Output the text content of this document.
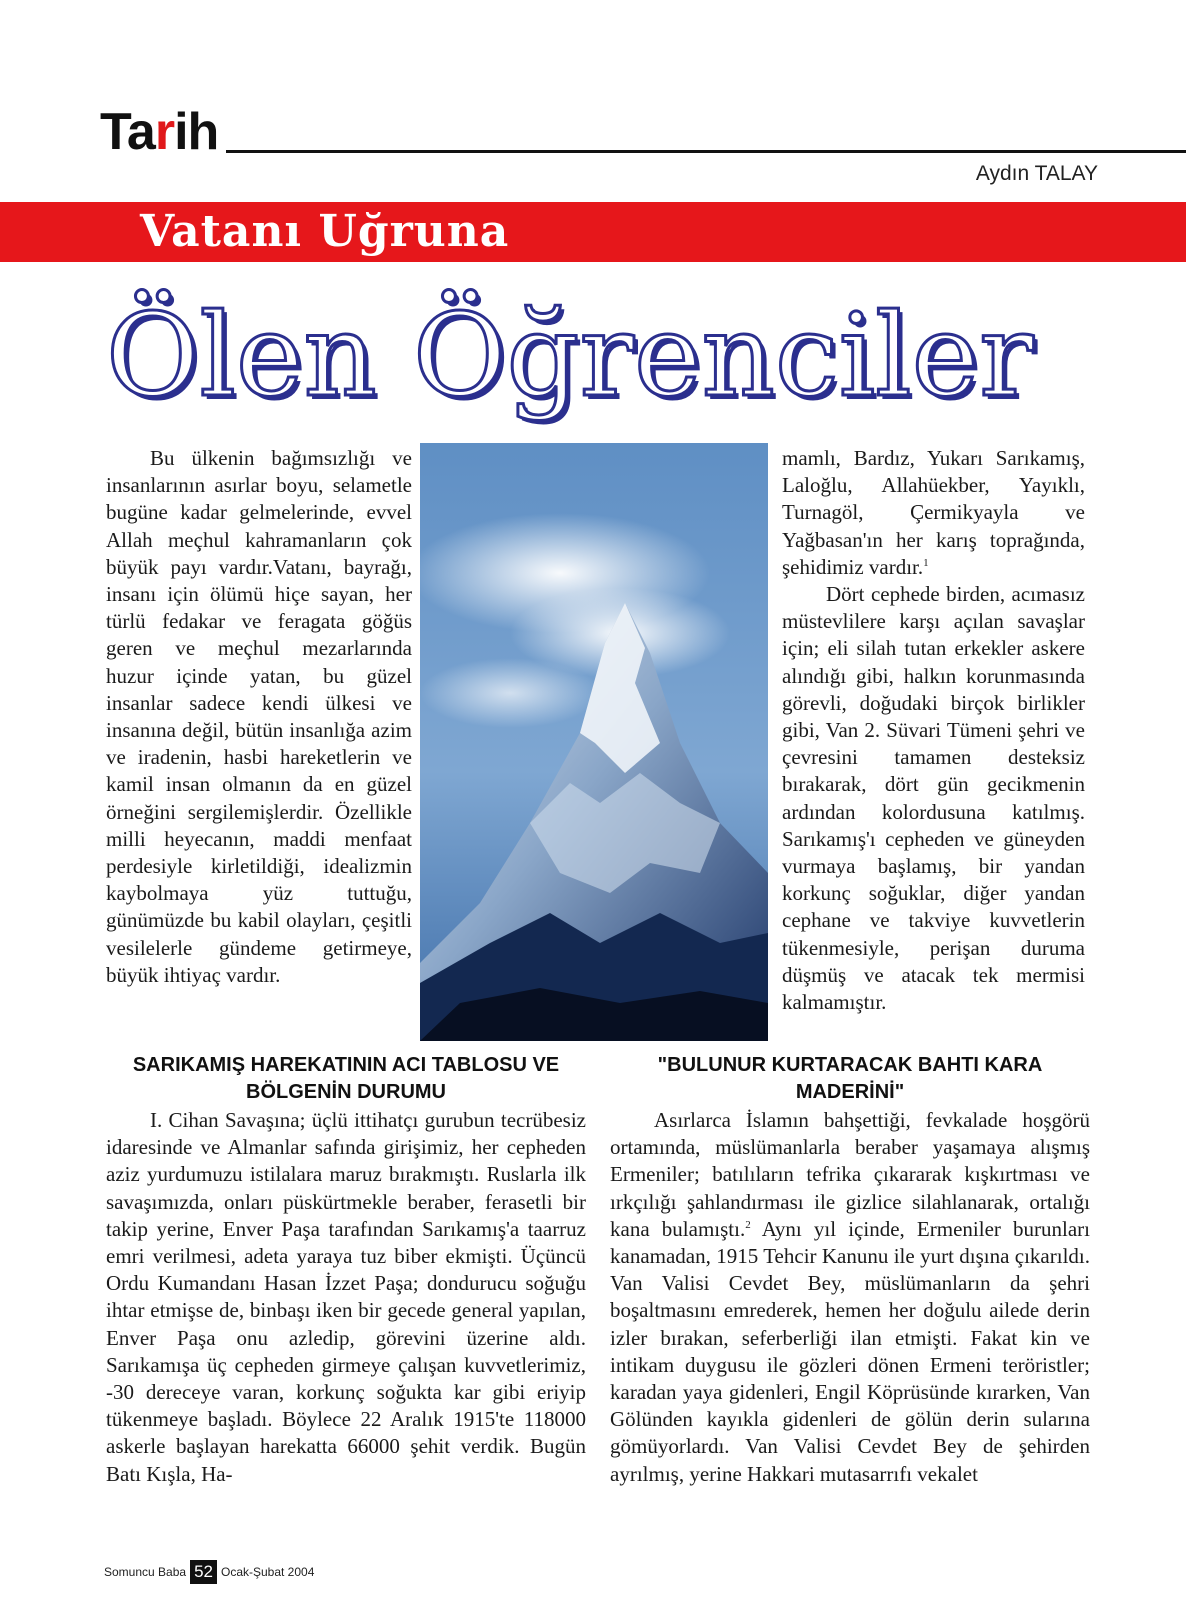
Tarih
Aydın TALAY
Vatanı Uğruna
Ölen Öğrenciler

Bu ülkenin bağımsızlığı ve insanlarının asırlar boyu, selametle bugüne kadar gelmelerinde, evvel Allah meçhul kahramanların çok büyük payı vardır.Vatanı, bayrağı, insanı için ölümü hiçe sayan, her türlü fedakar ve feragata göğüs geren ve meçhul mezarlarında huzur içinde yatan, bu güzel insanlar sadece kendi ülkesi ve insanına değil, bütün insanlığa azim ve iradenin, hasbi hareketlerin ve kamil insan olmanın da en güzel örneğini sergilemişlerdir. Özellikle milli heyecanın, maddi menfaat perdesiyle kirletildiği, idealizmin kaybolmaya yüz tuttuğu, günümüzde bu kabil olayları, çeşitli vesilelerle gündeme getirmeye, büyük ihtiyaç vardır.

mamlı, Bardız, Yukarı Sarıkamış, Laloğlu, Allahüekber, Yayıklı, Turnagöl, Çermikyayla ve Yağbasan'ın her karış toprağında, şehidimiz vardır.$^1$

Dört cephede birden, acımasız müstevlilere karşı açılan savaşlar için; eli silah tutan erkekler askere alındığı gibi, halkın korunmasında görevli, doğudaki birçok birlikler gibi, Van 2. Süvari Tümeni şehri ve çevresini tamamen desteksiz bırakarak, dört gün gecikmenin ardından kolordusuna katılmış. Sarıkamış'ı cepheden ve güneyden vurmaya başlamış, bir yandan korkunç soğuklar, diğer yandan cephane ve takviye kuvvetlerin tükenmesiyle, perişan duruma düşmüş ve atacak tek mermisi kalmamıştır.

SARIKAMIŞ HAREKATININ ACI TABLOSU VE BÖLGENİN DURUMU
"BULUNUR KURTARACAK BAHTI KARA MADERİNİ"

I. Cihan Savaşına; üçlü ittihatçı gurubun tecrübesiz idaresinde ve Almanlar safında girişimiz, her cepheden aziz yurdumuzu istilalara maruz bırakmıştı. Ruslarla ilk savaşımızda, onları püskürtmekle beraber, ferasetli bir takip yerine, Enver Paşa tarafından Sarıkamış'a taarruz emri verilmesi, adeta yaraya tuz biber ekmişti. Üçüncü Ordu Kumandanı Hasan İzzet Paşa; dondurucu soğuğu ihtar etmişse de, binbaşı iken bir gecede general yapılan, Enver Paşa onu azledip, görevini üzerine aldı. Sarıkamışa üç cepheden girmeye çalışan kuvvetlerimiz, -30 dereceye varan, korkunç soğukta kar gibi eriyip tükenmeye başladı. Böylece 22 Aralık 1915'te 118000 askerle başlayan harekatta 66000 şehit verdik. Bugün Batı Kışla, Ha-

Asırlarca İslamın bahşettiği, fevkalade hoşgörü ortamında, müslümanlarla beraber yaşamaya alışmış Ermeniler; batılıların tefrika çıkararak kışkırtması ve ırkçılığı şahlandırması ile gizlice silahlanarak, ortalığı kana bulamıştı.$^2$ Aynı yıl içinde, Ermeniler burunları kanamadan, 1915 Tehcir Kanunu ile yurt dışına çıkarıldı. Van Valisi Cevdet Bey, müslümanların da şehri boşaltmasını emrederek, hemen her doğulu ailede derin izler bırakan, seferberliği ilan etmişti. Fakat kin ve intikam duygusu ile gözleri dönen Ermeni teröristler; karadan yaya gidenleri, Engil Köprüsünde kırarken, Van Gölünden kayıkla gidenleri de gölün derin sularına gömüyorlardı. Van Valisi Cevdet Bey de şehirden ayrılmış, yerine Hakkari mutasarrıfı vekalet

Somuncu Baba 52 Ocak-Şubat 2004
